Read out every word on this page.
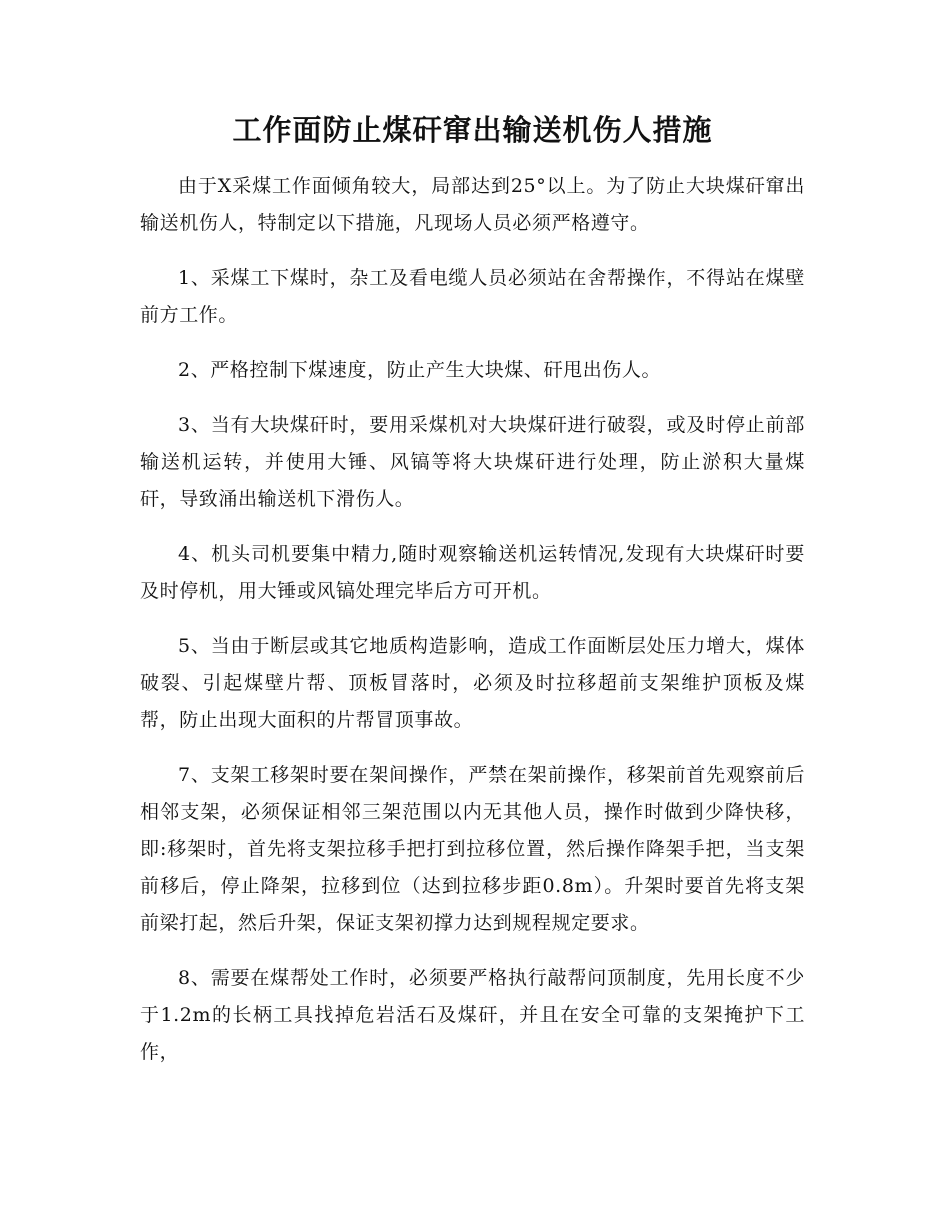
工作面防止煤矸窜出输送机伤人措施

由于X采煤工作面倾角较大，局部达到25°以上。为了防止大块煤矸窜出输送机伤人，特制定以下措施，凡现场人员必须严格遵守。

1、采煤工下煤时，杂工及看电缆人员必须站在舍帮操作，不得站在煤壁前方工作。

2、严格控制下煤速度，防止产生大块煤、矸甩出伤人。

3、当有大块煤矸时，要用采煤机对大块煤矸进行破裂，或及时停止前部输送机运转，并使用大锤、风镐等将大块煤矸进行处理，防止淤积大量煤矸，导致涌出输送机下滑伤人。

4、机头司机要集中精力,随时观察输送机运转情况,发现有大块煤矸时要及时停机，用大锤或风镐处理完毕后方可开机。

5、当由于断层或其它地质构造影响，造成工作面断层处压力增大，煤体破裂、引起煤壁片帮、顶板冒落时，必须及时拉移超前支架维护顶板及煤帮，防止出现大面积的片帮冒顶事故。

7、支架工移架时要在架间操作，严禁在架前操作，移架前首先观察前后相邻支架，必须保证相邻三架范围以内无其他人员，操作时做到少降快移，即:移架时，首先将支架拉移手把打到拉移位置，然后操作降架手把，当支架前移后，停止降架，拉移到位（达到拉移步距0.8m）。升架时要首先将支架前梁打起，然后升架，保证支架初撑力达到规程规定要求。

8、需要在煤帮处工作时，必须要严格执行敲帮问顶制度，先用长度不少于1.2m的长柄工具找掉危岩活石及煤矸，并且在安全可靠的支架掩护下工作，
